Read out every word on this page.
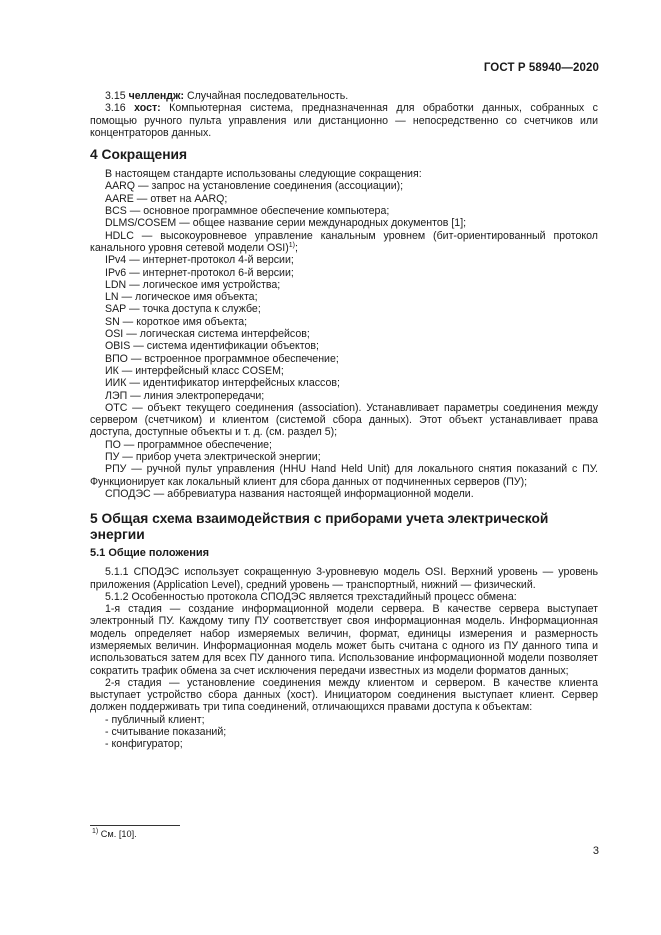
ГОСТ Р 58940—2020

3.15 челлендж: Случайная последовательность.

3.16 хост: Компьютерная система, предназначенная для обработки данных, собранных с помощью ручного пульта управления или дистанционно — непосредственно со счетчиков или концентраторов данных.

4 Сокращения

В настоящем стандарте использованы следующие сокращения:

AARQ — запрос на установление соединения (ассоциации);

AARE — ответ на AARQ;

BCS — основное программное обеспечение компьютера;

DLMS/COSEM — общее название серии международных документов [1];

HDLC — высокоуровневое управление канальным уровнем (бит-ориентированный протокол канального уровня сетевой модели OSI)$^{1)}$;

IPv4 — интернет-протокол 4-й версии;

IPv6 — интернет-протокол 6-й версии;

LDN — логическое имя устройства;

LN — логическое имя объекта;

SAP — точка доступа к службе;

SN — короткое имя объекта;

OSI — логическая система интерфейсов;

OBIS — система идентификации объектов;

ВПО — встроенное программное обеспечение;

ИК — интерфейсный класс COSEM;

ИИК — идентификатор интерфейсных классов;

ЛЭП — линия электропередачи;

ОТС — объект текущего соединения (association). Устанавливает параметры соединения между сервером (счетчиком) и клиентом (системой сбора данных). Этот объект устанавливает права доступа, доступные объекты и т. д. (см. раздел 5);

ПО — программное обеспечение;

ПУ — прибор учета электрической энергии;

РПУ — ручной пульт управления (HHU Hand Held Unit) для локального снятия показаний с ПУ. Функционирует как локальный клиент для сбора данных от подчиненных серверов (ПУ);

СПОДЭС — аббревиатура названия настоящей информационной модели.

5 Общая схема взаимодействия с приборами учета электрической энергии
5.1 Общие положения

5.1.1 СПОДЭС использует сокращенную 3-уровневую модель OSI. Верхний уровень — уровень приложения (Application Level), средний уровень — транспортный, нижний — физический.

5.1.2 Особенностью протокола СПОДЭС является трехстадийный процесс обмена:

1-я стадия — создание информационной модели сервера. В качестве сервера выступает электронный ПУ. Каждому типу ПУ соответствует своя информационная модель. Информационная модель определяет набор измеряемых величин, формат, единицы измерения и размерность измеряемых величин. Информационная модель может быть считана с одного из ПУ данного типа и использоваться затем для всех ПУ данного типа. Использование информационной модели позволяет сократить трафик обмена за счет исключения передачи известных из модели форматов данных;

2-я стадия — установление соединения между клиентом и сервером. В качестве клиента выступает устройство сбора данных (хост). Инициатором соединения выступает клиент. Сервер должен поддерживать три типа соединений, отличающихся правами доступа к объектам:

- публичный клиент;

- считывание показаний;

- конфигуратор;

$^{1)}$ См. [10].
3
